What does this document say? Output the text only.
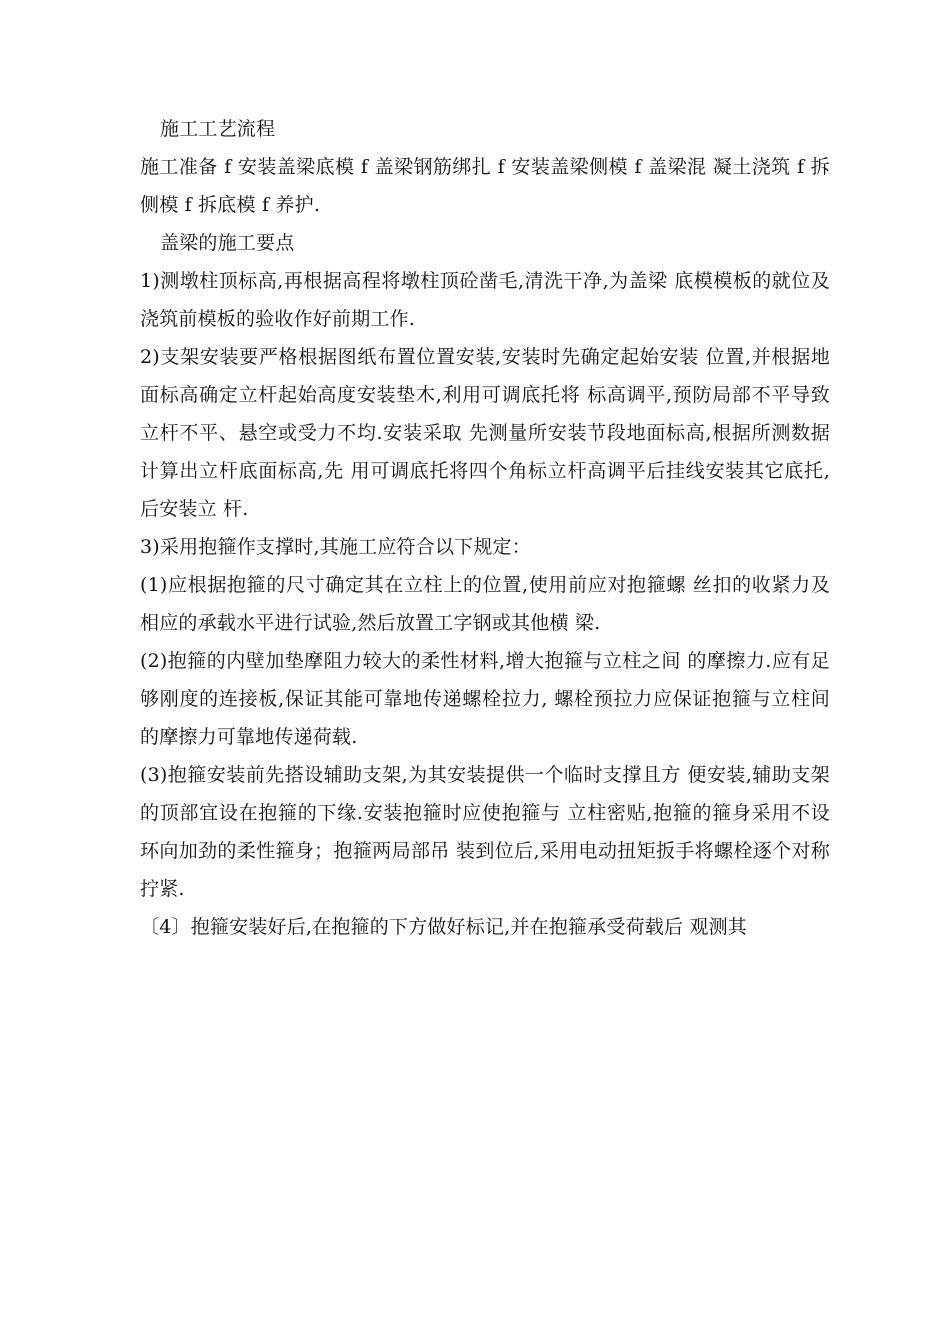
施工工艺流程

施工准备 f 安装盖梁底模 f 盖梁钢筋绑扎 f 安装盖梁侧模 f 盖梁混 凝土浇筑 f 拆侧模 f 拆底模 f 养护.

盖梁的施工要点

1)测墩柱顶标高,再根据高程将墩柱顶砼凿毛,清洗干净,为盖梁 底模模板的就位及浇筑前模板的验收作好前期工作.

2)支架安装要严格根据图纸布置位置安装,安装时先确定起始安装 位置,并根据地面标高确定立杆起始高度安装垫木,利用可调底托将 标高调平,预防局部不平导致立杆不平、悬空或受力不均.安装采取 先测量所安装节段地面标高,根据所测数据计算出立杆底面标高,先 用可调底托将四个角标立杆高调平后挂线安装其它底托,后安装立 杆.

3)采用抱箍作支撑时,其施工应符合以下规定：

(1)应根据抱箍的尺寸确定其在立柱上的位置,使用前应对抱箍螺 丝扣的收紧力及相应的承载水平进行试验,然后放置工字钢或其他横 梁.

(2)抱箍的内壁加垫摩阻力较大的柔性材料,增大抱箍与立柱之间 的摩擦力.应有足够刚度的连接板,保证其能可靠地传递螺栓拉力, 螺栓预拉力应保证抱箍与立柱间的摩擦力可靠地传递荷载.

(3)抱箍安装前先搭设辅助支架,为其安装提供一个临时支撑且方 便安装,辅助支架的顶部宜设在抱箍的下缘.安装抱箍时应使抱箍与 立柱密贴,抱箍的箍身采用不设环向加劲的柔性箍身；抱箍两局部吊 装到位后,采用电动扭矩扳手将螺栓逐个对称拧紧.

〔4〕抱箍安装好后,在抱箍的下方做好标记,并在抱箍承受荷载后 观测其
